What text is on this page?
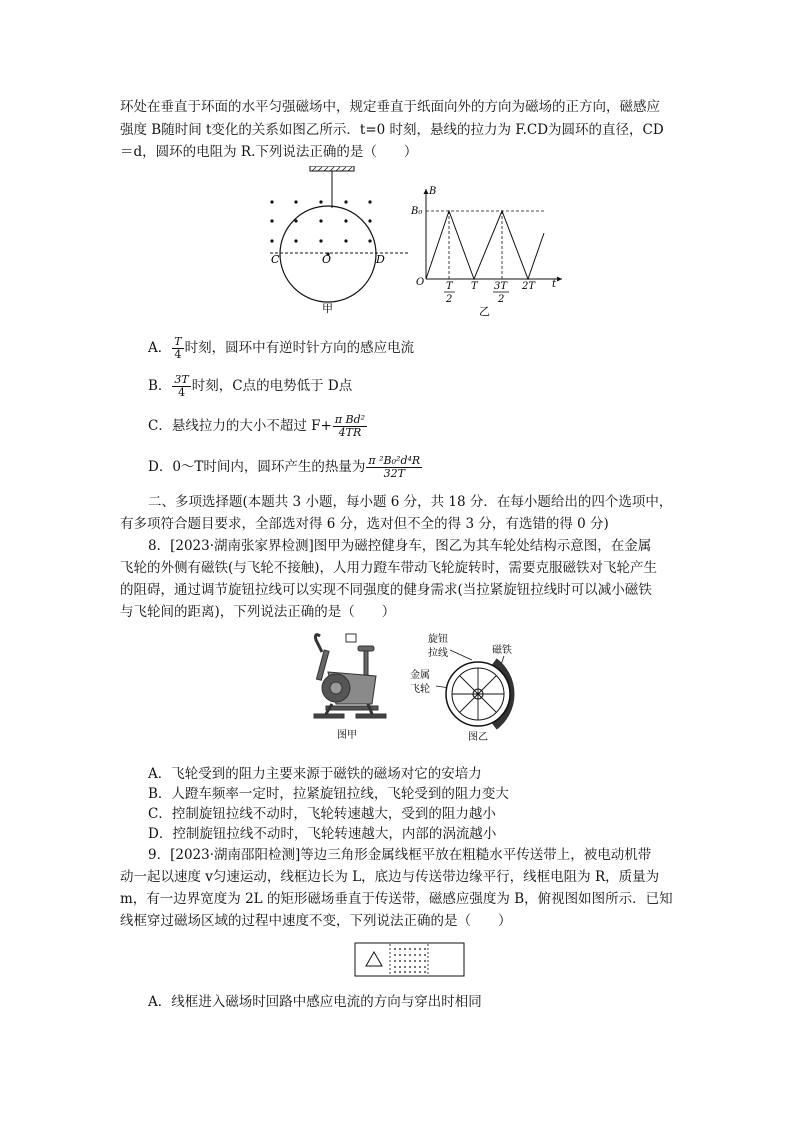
环处在垂直于环面的水平匀强磁场中，规定垂直于纸面向外的方向为磁场的正方向，磁感应
强度 B随时间 t变化的关系如图乙所示．t=0 时刻，悬线的拉力为 F.CD为圆环的直径，CD
＝d，圆环的电阻为 R.下列说法正确的是（　　）
C	O	D
甲
B
t
O
B₀
T
2
T 3T
2
2T
乙
A． $\frac{T}{4}$ 时刻，圆环中有逆时针方向的感应电流
B． $\frac{3T}{4}$ 时刻，C点的电势低于 D点
C．悬线拉力的大小不超过 $F+ \frac{\text{π Bd²}}{4TR}$
D．0～T时间内，圆环产生的热量为 $\frac{\text{π ²B₀²d⁴R}}{32T}$
二、多项选择题(本题共 3 小题，每小题 6 分，共 18 分．在每小题给出的四个选项中，
有多项符合题目要求，全部选对得 6 分，选对但不全的得 3 分，有选错的得 0 分)
8．[2023·湖南张家界检测]图甲为磁控健身车，图乙为其车轮处结构示意图，在金属
飞轮的外侧有磁铁(与飞轮不接触)，人用力蹬车带动飞轮旋转时，需要克服磁铁对飞轮产生
的阻碍，通过调节旋钮拉线可以实现不同强度的健身需求(当拉紧旋钮拉线时可以减小磁铁
与飞轮间的距离)，下列说法正确的是（　　）
图甲
旋钮
拉线	磁铁
金属
飞轮
图乙
A．飞轮受到的阻力主要来源于磁铁的磁场对它的安培力
B．人蹬车频率一定时，拉紧旋钮拉线，飞轮受到的阻力变大
C．控制旋钮拉线不动时，飞轮转速越大，受到的阻力越小
D．控制旋钮拉线不动时，飞轮转速越大，内部的涡流越小
9．[2023·湖南邵阳检测]等边三角形金属线框平放在粗糙水平传送带上，被电动机带
动一起以速度 v匀速运动，线框边长为 L，底边与传送带边缘平行，线框电阻为 R，质量为
m，有一边界宽度为 2L 的矩形磁场垂直于传送带，磁感应强度为 B，俯视图如图所示．已知
线框穿过磁场区域的过程中速度不变，下列说法正确的是（　　）
A．线框进入磁场时回路中感应电流的方向与穿出时相同
